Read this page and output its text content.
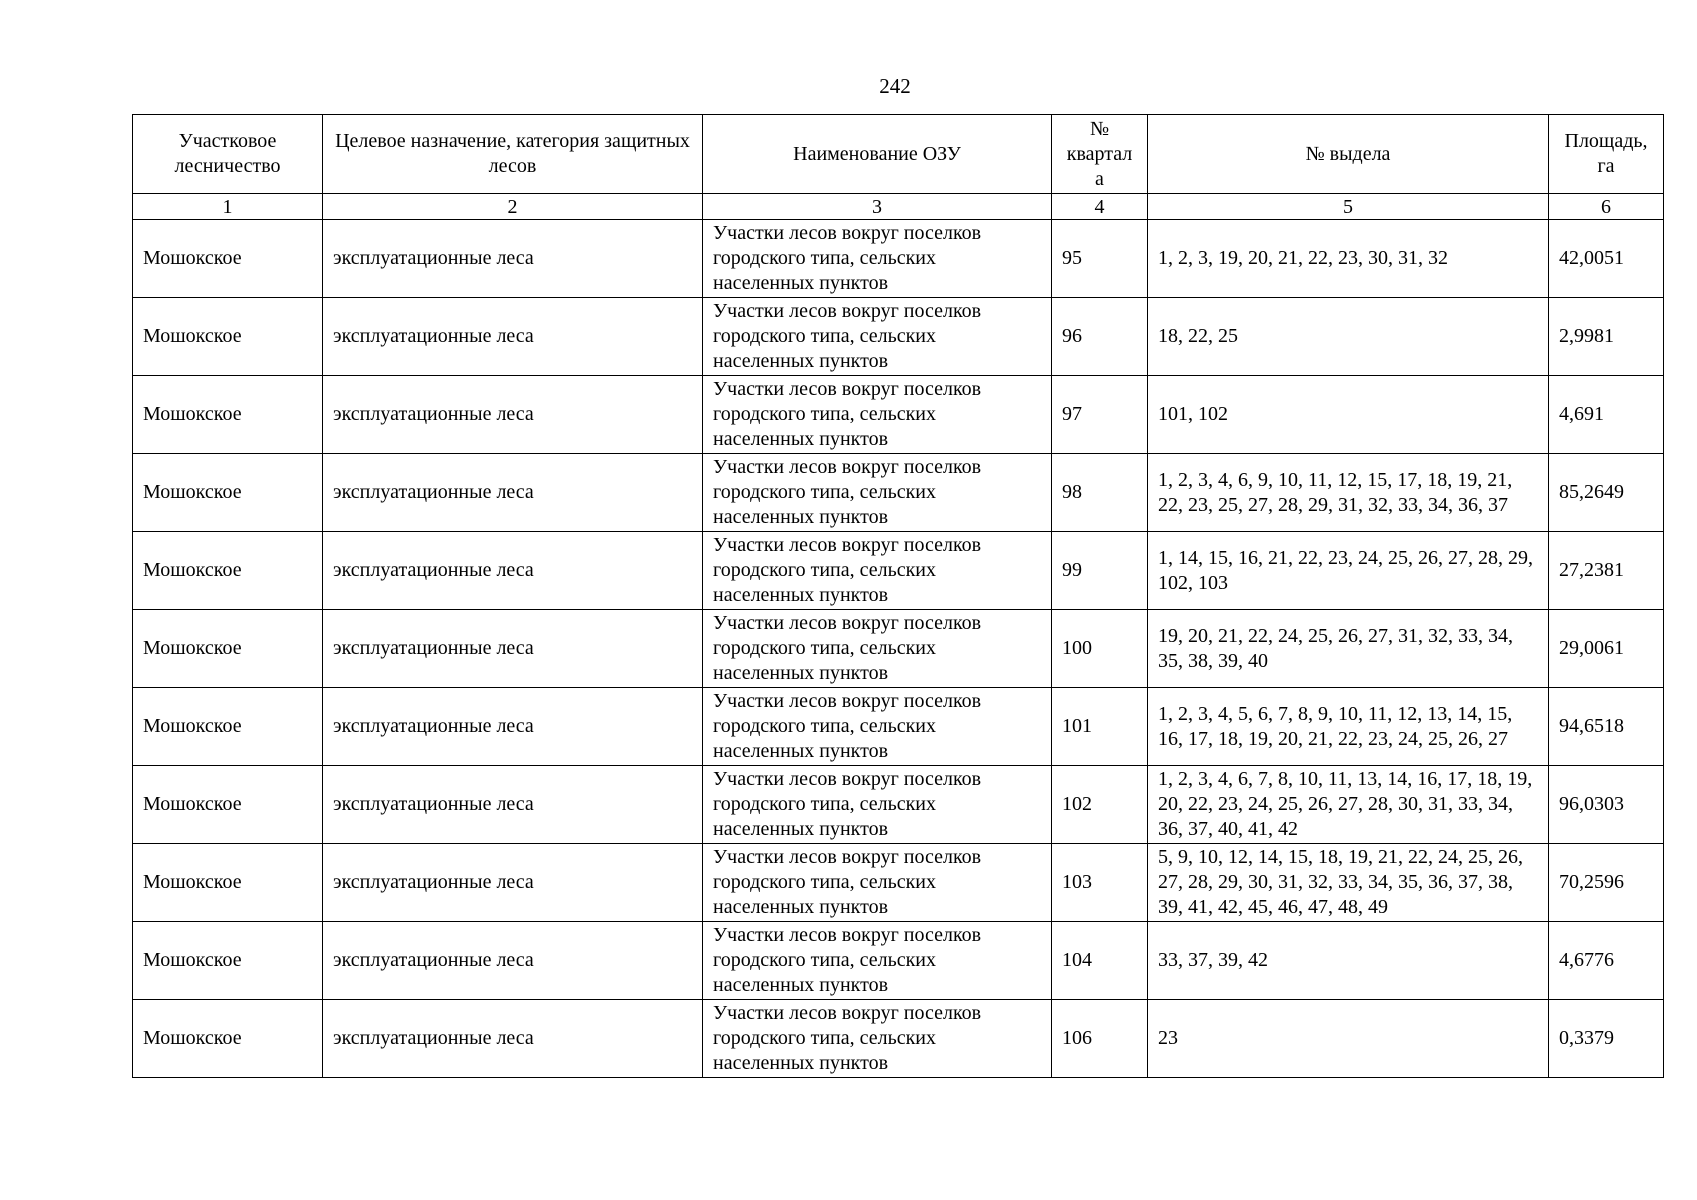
242
Участковое лесничество	Целевое назначение, категория защитных лесов	Наименование ОЗУ	№ квартал а	№ выдела	Площадь, га
1	2	3	4	5	6
Мошокское	эксплуатационные леса	Участки лесов вокруг поселков городского типа, сельских населенных пунктов	95	1, 2, 3, 19, 20, 21, 22, 23, 30, 31, 32	42,0051
Мошокское	эксплуатационные леса	Участки лесов вокруг поселков городского типа, сельских населенных пунктов	96	18, 22, 25	2,9981
Мошокское	эксплуатационные леса	Участки лесов вокруг поселков городского типа, сельских населенных пунктов	97	101, 102	4,691
Мошокское	эксплуатационные леса	Участки лесов вокруг поселков городского типа, сельских населенных пунктов	98	1, 2, 3, 4, 6, 9, 10, 11, 12, 15, 17, 18, 19, 21, 22, 23, 25, 27, 28, 29, 31, 32, 33, 34, 36, 37	85,2649
Мошокское	эксплуатационные леса	Участки лесов вокруг поселков городского типа, сельских населенных пунктов	99	1, 14, 15, 16, 21, 22, 23, 24, 25, 26, 27, 28, 29, 102, 103	27,2381
Мошокское	эксплуатационные леса	Участки лесов вокруг поселков городского типа, сельских населенных пунктов	100	19, 20, 21, 22, 24, 25, 26, 27, 31, 32, 33, 34, 35, 38, 39, 40	29,0061
Мошокское	эксплуатационные леса	Участки лесов вокруг поселков городского типа, сельских населенных пунктов	101	1, 2, 3, 4, 5, 6, 7, 8, 9, 10, 11, 12, 13, 14, 15, 16, 17, 18, 19, 20, 21, 22, 23, 24, 25, 26, 27	94,6518
Мошокское	эксплуатационные леса	Участки лесов вокруг поселков городского типа, сельских населенных пунктов	102	1, 2, 3, 4, 6, 7, 8, 10, 11, 13, 14, 16, 17, 18, 19, 20, 22, 23, 24, 25, 26, 27, 28, 30, 31, 33, 34, 36, 37, 40, 41, 42	96,0303
Мошокское	эксплуатационные леса	Участки лесов вокруг поселков городского типа, сельских населенных пунктов	103	5, 9, 10, 12, 14, 15, 18, 19, 21, 22, 24, 25, 26, 27, 28, 29, 30, 31, 32, 33, 34, 35, 36, 37, 38, 39, 41, 42, 45, 46, 47, 48, 49	70,2596
Мошокское	эксплуатационные леса	Участки лесов вокруг поселков городского типа, сельских населенных пунктов	104	33, 37, 39, 42	4,6776
Мошокское	эксплуатационные леса	Участки лесов вокруг поселков городского типа, сельских населенных пунктов	106	23	0,3379
